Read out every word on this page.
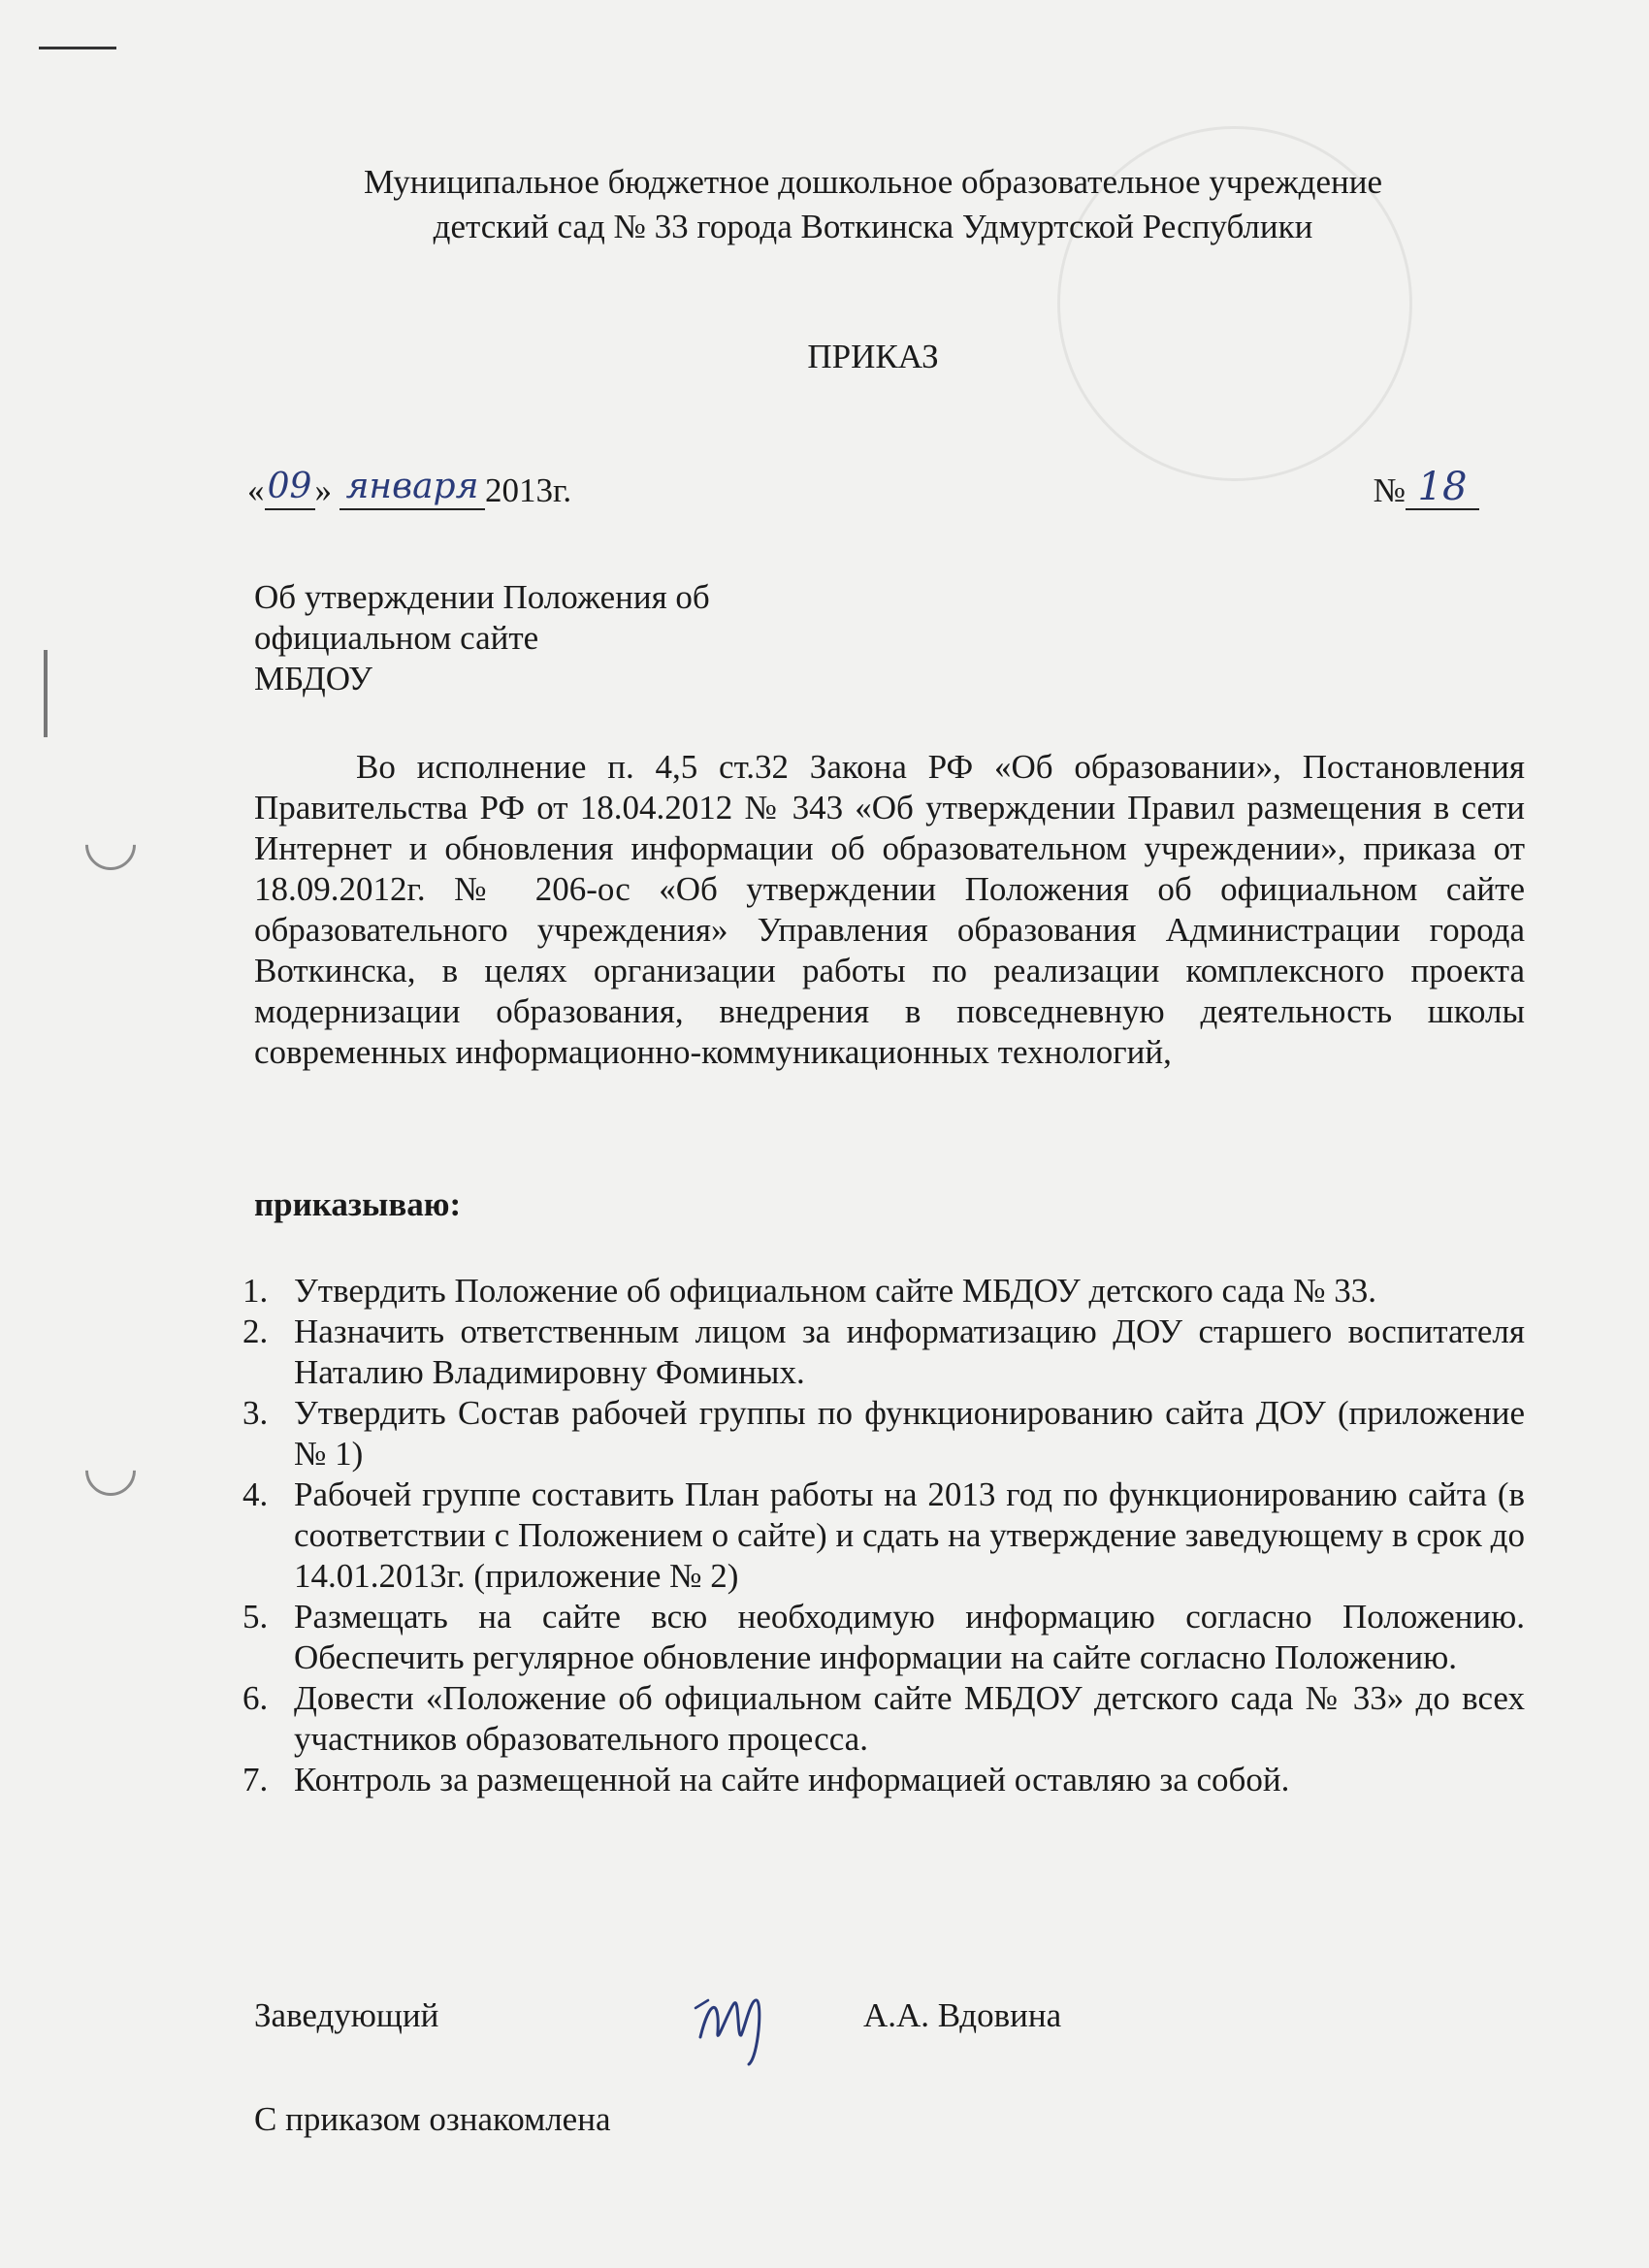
Муниципальное бюджетное дошкольное образовательное учреждение
детский сад № 33 города Воткинска Удмуртской Республики
ПРИКАЗ
« 09 » января 2013г.	№ 18
Об утверждении Положения об официальном сайте
МБДОУ

Во исполнение п. 4,5 ст.32 Закона РФ «Об образовании», Постановления Правительства РФ от 18.04.2012 № 343 «Об утверждении Правил размещения в сети Интернет и обновления информации об образовательном учреждении», приказа от 18.09.2012г. № 206-ос «Об утверждении Положения об официальном сайте образовательного учреждения» Управления образования Администрации города Воткинска, в целях организации работы по реализации комплексного проекта модернизации образования, внедрения в повседневную деятельность школы современных информационно-коммуникационных технологий,

приказываю:
1. Утвердить Положение об официальном сайте МБДОУ детского сада № 33.
2. Назначить ответственным лицом за информатизацию ДОУ старшего воспитателя Наталию Владимировну Фоминых.
3. Утвердить Состав рабочей группы по функционированию сайта ДОУ (приложение № 1)
4. Рабочей группе составить План работы на 2013 год по функционированию сайта (в соответствии с Положением о сайте) и сдать на утверждение заведующему в срок до 14.01.2013г. (приложение № 2)
5. Размещать на сайте всю необходимую информацию согласно Положению. Обеспечить регулярное обновление информации на сайте согласно Положению.
6. Довести «Положение об официальном сайте МБДОУ детского сада № 33» до всех участников образовательного процесса.
7. Контроль за размещенной на сайте информацией оставляю за собой.
Заведующий	А.А. Вдовина
С приказом ознакомлена
